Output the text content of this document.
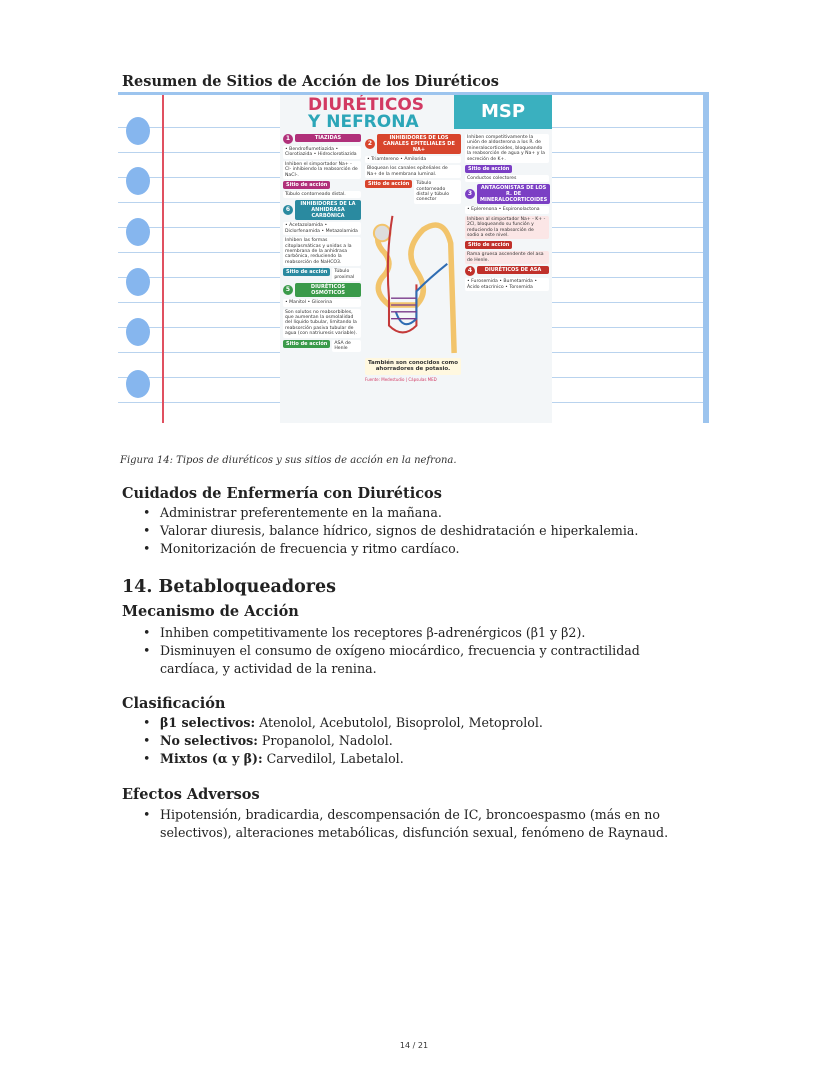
Resumen de Sitios de Acción de los Diuréticos
DIURÉTICOS
Y NEFRONA	MSP
1	TIAZIDAS
• Bendroflumetiazida • Clorotiazida • Hidroclorotiazida
Inhiben el simportador Na+ - Cl- inhibiendo la reabsorción de NaCl-.
Sitio de acción
Túbulo contorneado distal.
6
INHIBIDORES DE LA ANHIDRASA CARBÓNICA
• Acetazolamida • Diclorfenamida • Metazolamida
Inhiben las formas citoplasmáticas y unidas a la membrana de la anhidrasa carbónica, reduciendo la reabsorción de NaHCO3.
Sitio de acción	Túbulo proximal
5	DIURÉTICOS OSMÓTICOS
• Manitol • Glicerina
Son solutos no reabsorbibles, que aumentan la osmolalidad del líquido tubular, limitando la reabsorción pasiva tubular de agua (con natriuresis variable).
Sitio de acción	ASA de Henle
2
INHIBIDORES DE LOS CANALES EPITELIALES DE NA+
• Triamtereno • Amilorida
Bloquean los canales epiteliales de Na+ de la membrana luminal.
Sitio de acción	Túbulo contorneado distal y túbulo conector
También son conocidos como ahorradores de potasio.
Fuente: Medestudio | Cápsulas MED
Inhiben competitivamente la unión de aldosterona a los R. de mineralocorticoides, bloqueando la reabsorción de agua y Na+ y la secreción de K+.
Sitio de acción
Conductos colectores
3
ANTAGONISTAS DE LOS R. DE MINERALOCORTICOIDES
• Eplerenona • Espironolactona
Inhiben al simportador Na+ - K+ - 2Cl, bloqueando su función y reduciendo la reabsorción de sodio a este nivel.
Sitio de acción
Rama gruesa ascendente del asa de Henle.
4	DIURÉTICOS DE ASA
• Furosemida • Bumetamida • Ácido etacrínico • Torsemida
Figura 14: Tipos de diuréticos y sus sitios de acción en la nefrona.
Cuidados de Enfermería con Diuréticos
• Administrar preferentemente en la mañana.
• Valorar diuresis, balance hídrico, signos de deshidratación e hiperkalemia.
• Monitorización de frecuencia y ritmo cardíaco.
14. Betabloqueadores
Mecanismo de Acción
• Inhiben competitivamente los receptores β-adrenérgicos (β1 y β2).
• Disminuyen el consumo de oxígeno miocárdico, frecuencia y contractilidad cardíaca, y actividad de la renina.
Clasificación
• β1 selectivos: Atenolol, Acebutolol, Bisoprolol, Metoprolol.
• No selectivos: Propanolol, Nadolol.
• Mixtos (α y β): Carvedilol, Labetalol.
Efectos Adversos
• Hipotensión, bradicardia, descompensación de IC, broncoespasmo (más en no selectivos), alteraciones metabólicas, disfunción sexual, fenómeno de Raynaud.
14 / 21
